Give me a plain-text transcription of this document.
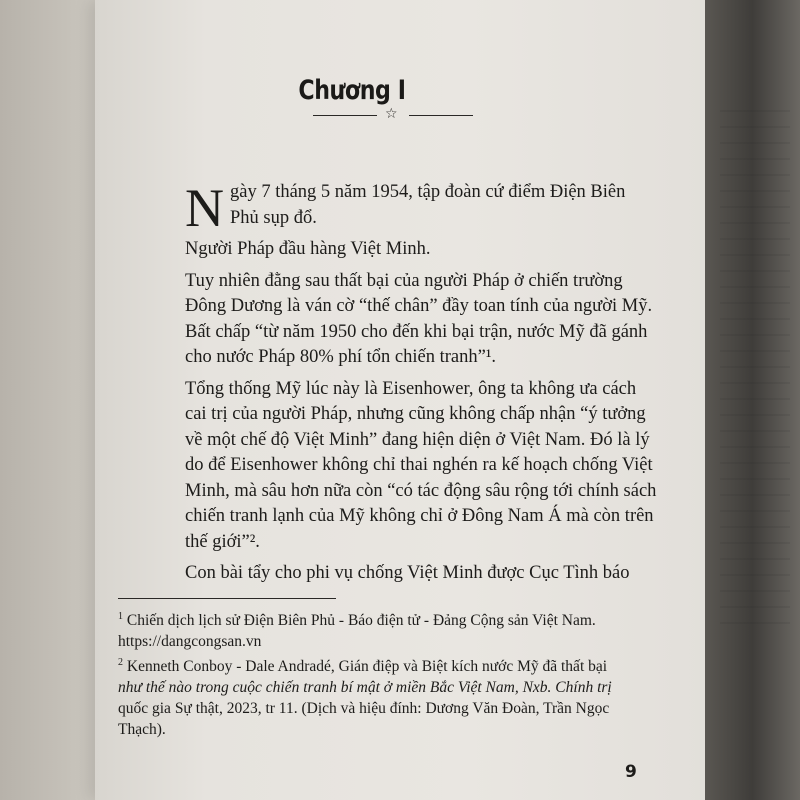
Chương I
☆

N gày 7 tháng 5 năm 1954, tập đoàn cứ điểm Điện Biên
Phủ sụp đổ.

Người Pháp đầu hàng Việt Minh.

Tuy nhiên đằng sau thất bại của người Pháp ở chiến trường
Đông Dương là ván cờ “thế chân” đầy toan tính của người Mỹ.
Bất chấp “từ năm 1950 cho đến khi bại trận, nước Mỹ đã gánh
cho nước Pháp 80% phí tổn chiến tranh”¹.

Tổng thống Mỹ lúc này là Eisenhower, ông ta không ưa cách
cai trị của người Pháp, nhưng cũng không chấp nhận “ý tưởng
về một chế độ Việt Minh” đang hiện diện ở Việt Nam. Đó là lý
do để Eisenhower không chỉ thai nghén ra kế hoạch chống Việt
Minh, mà sâu hơn nữa còn “có tác động sâu rộng tới chính sách
chiến tranh lạnh của Mỹ không chỉ ở Đông Nam Á mà còn trên
thế giới”².

Con bài tẩy cho phi vụ chống Việt Minh được Cục Tình báo

$^1$ Chiến dịch lịch sử Điện Biên Phủ - Báo điện tử - Đảng Cộng sản Việt Nam.
https://dangcongsan.vn
$^2$ Kenneth Conboy - Dale Andradé, Gián điệp và Biệt kích nước Mỹ đã thất bại
như thế nào trong cuộc chiến tranh bí mật ở miền Bắc Việt Nam, Nxb. Chính trị
quốc gia Sự thật, 2023, tr 11. (Dịch và hiệu đính: Dương Văn Đoàn, Trần Ngọc
Thạch).
9
